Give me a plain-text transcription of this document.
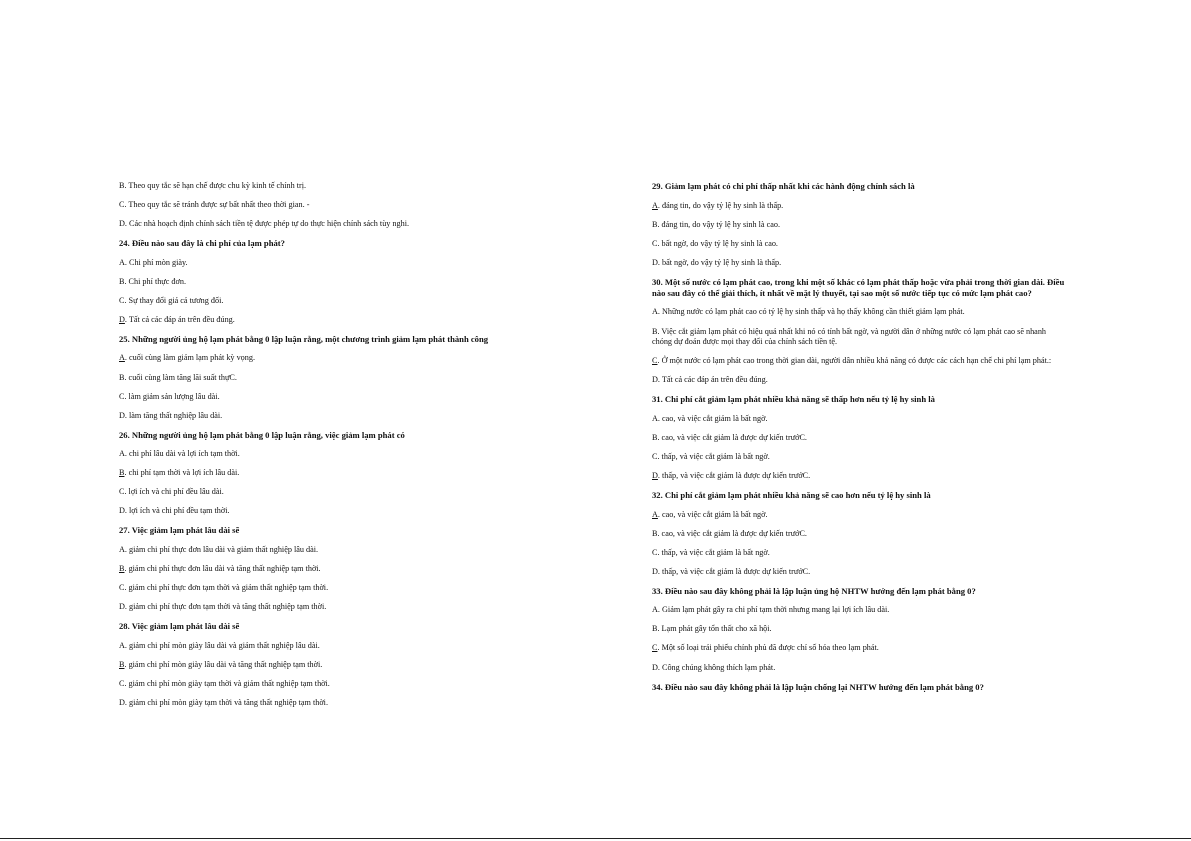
B. Theo quy tắc sẽ hạn chế được chu kỳ kinh tế chính trị.

C. Theo quy tắc sẽ tránh được sự bất nhất theo thời gian. -

D. Các nhà hoạch định chính sách tiền tệ được phép tự do thực hiện chính sách tùy nghi.

24. Điều nào sau đây là chi phí của lạm phát?

A. Chi phí mòn giày.

B. Chi phí thực đơn.

C. Sự thay đổi giá cả tương đối.

D. Tất cả các đáp án trên đều đúng.

25. Những người ủng hộ lạm phát bằng 0 lập luận rằng, một chương trình giảm lạm phát thành công

A. cuối cùng làm giảm lạm phát kỳ vọng.

B. cuối cùng làm tăng lãi suất thựC.

C. làm giảm sản lượng lâu dài.

D. làm tăng thất nghiệp lâu dài.

26. Những người ủng hộ lạm phát bằng 0 lập luận rằng, việc giảm lạm phát có

A. chi phí lâu dài và lợi ích tạm thời.

B. chi phí tạm thời và lợi ích lâu dài.

C. lợi ích và chi phí đều lâu dài.

D. lợi ích và chi phí đều tạm thời.

27. Việc giảm lạm phát lâu dài sẽ

A. giảm chi phí thực đơn lâu dài và giảm thất nghiệp lâu dài.

B. giảm chi phí thực đơn lâu dài và tăng thất nghiệp tạm thời.

C. giảm chi phí thực đơn tạm thời và giảm thất nghiệp tạm thời.

D. giảm chi phí thực đơn tạm thời và tăng thất nghiệp tạm thời.

28. Việc giảm lạm phát lâu dài sẽ

A. giảm chi phí mòn giày lâu dài và giảm thất nghiệp lâu dài.

B. giảm chi phí mòn giày lâu dài và tăng thất nghiệp tạm thời.

C. giảm chi phí mòn giày tạm thời và giảm thất nghiệp tạm thời.

D. giảm chi phí mòn giày tạm thời và tăng thất nghiệp tạm thời.

29. Giảm lạm phát có chi phí thấp nhất khi các hành động chính sách là

A. đáng tin, do vậy tỷ lệ hy sinh là thấp.

B. đáng tin, do vậy tỷ lệ hy sinh là cao.

C. bất ngờ, do vậy tỷ lệ hy sinh là cao.

D. bất ngờ, do vậy tỷ lệ hy sinh là thấp.

30. Một số nước có lạm phát cao, trong khi một số khác có lạm phát thấp hoặc vừa phải trong thời gian dài. Điều nào sau đây có thể giải thích, ít nhất về mặt lý thuyết, tại sao một số nước tiếp tục có mức lạm phát cao?

A. Những nước có lạm phát cao có tỷ lệ hy sinh thấp và họ thấy không cần thiết giảm lạm phát.

B. Việc cắt giảm lạm phát có hiệu quả nhất khi nó có tính bất ngờ, và người dân ở những nước có lạm phát cao sẽ nhanh chóng dự đoán được mọi thay đổi của chính sách tiền tệ.

C. Ở một nước có lạm phát cao trong thời gian dài, người dân nhiều khả năng có được các cách hạn chế chi phí lạm phát.:

D. Tất cả các đáp án trên đều đúng.

31. Chi phí cắt giảm lạm phát nhiều khả năng sẽ thấp hơn nếu tỷ lệ hy sinh là

A. cao, và việc cắt giảm là bất ngờ.

B. cao, và việc cắt giảm là được dự kiến trướC.

C. thấp, và việc cắt giảm là bất ngờ.

D. thấp, và việc cắt giảm là được dự kiến trướC.

32. Chi phí cắt giảm lạm phát nhiều khả năng sẽ cao hơn nếu tỷ lệ hy sinh là

A. cao, và việc cắt giảm là bất ngờ.

B. cao, và việc cắt giảm là được dự kiến trướC.

C. thấp, và việc cắt giảm là bất ngờ.

D. thấp, và việc cắt giảm là được dự kiến trướC.

33. Điều nào sau đây không phải là lập luận ủng hộ NHTW hướng đến lạm phát bằng 0?

A. Giảm lạm phát gây ra chi phí tạm thời nhưng mang lại lợi ích lâu dài.

B. Lạm phát gây tổn thất cho xã hội.

C. Một số loại trái phiếu chính phủ đã được chỉ số hóa theo lạm phát.

D. Công chúng không thích lạm phát.

34. Điều nào sau đây không phải là lập luận chống lại NHTW hướng đến lạm phát bằng 0?
